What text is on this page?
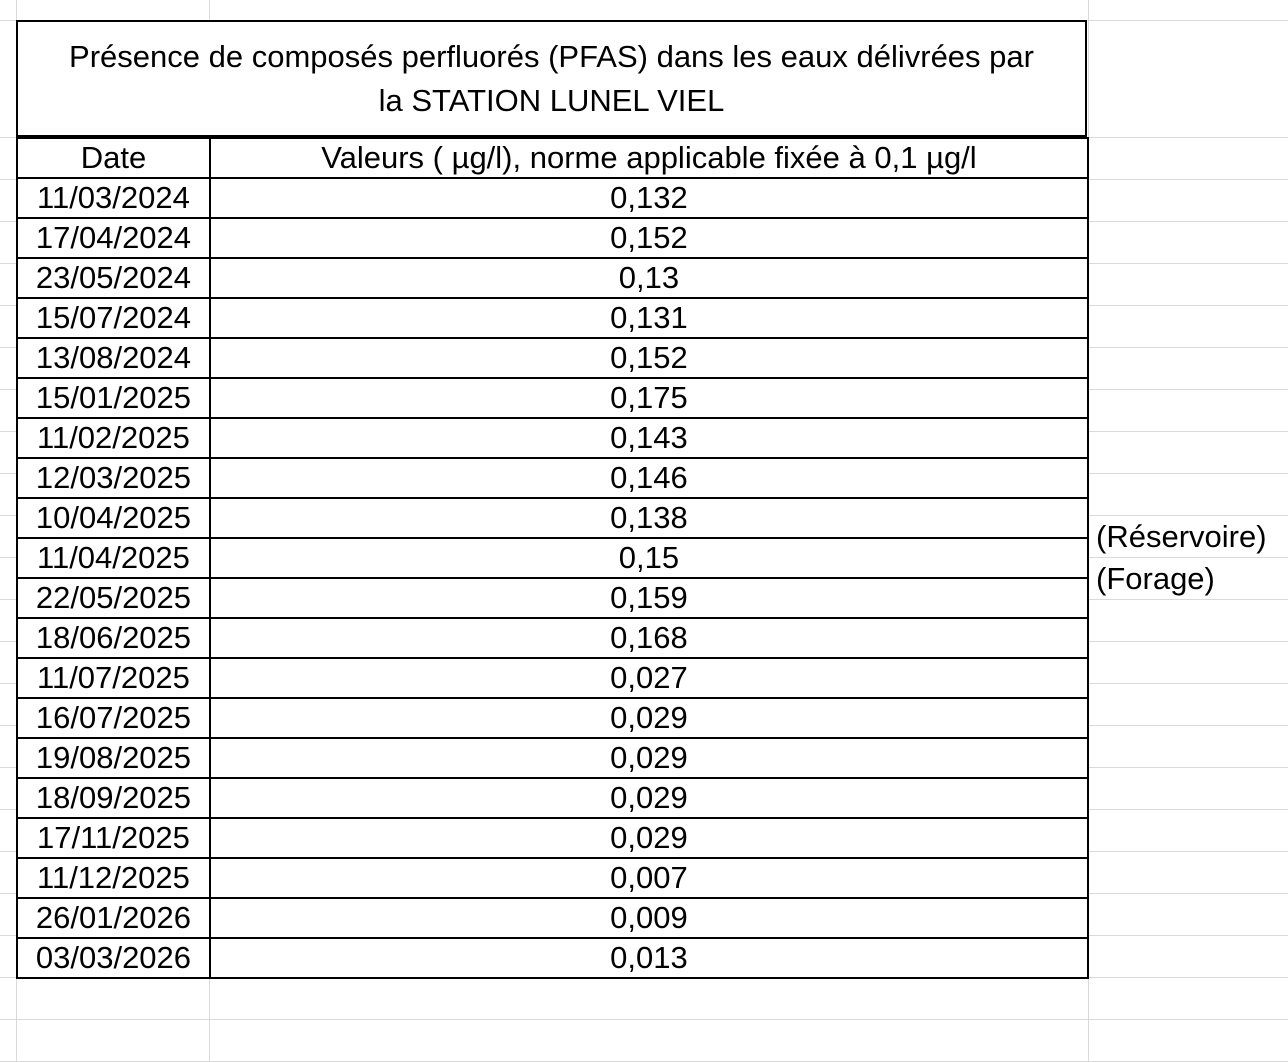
Présence de composés perfluorés (PFAS) dans les eaux délivrées par
la STATION LUNEL VIEL
Date	Valeurs ( µg/l), norme applicable fixée à 0,1 µg/l
11/03/2024	0,132
17/04/2024	0,152
23/05/2024	0,13
15/07/2024	0,131
13/08/2024	0,152
15/01/2025	0,175
11/02/2025	0,143
12/03/2025	0,146
10/04/2025	0,138
11/04/2025	0,15
22/05/2025	0,159
18/06/2025	0,168
11/07/2025	0,027
16/07/2025	0,029
19/08/2025	0,029
18/09/2025	0,029
17/11/2025	0,029
11/12/2025	0,007
26/01/2026	0,009
03/03/2026	0,013
(Réservoire)
(Forage)
